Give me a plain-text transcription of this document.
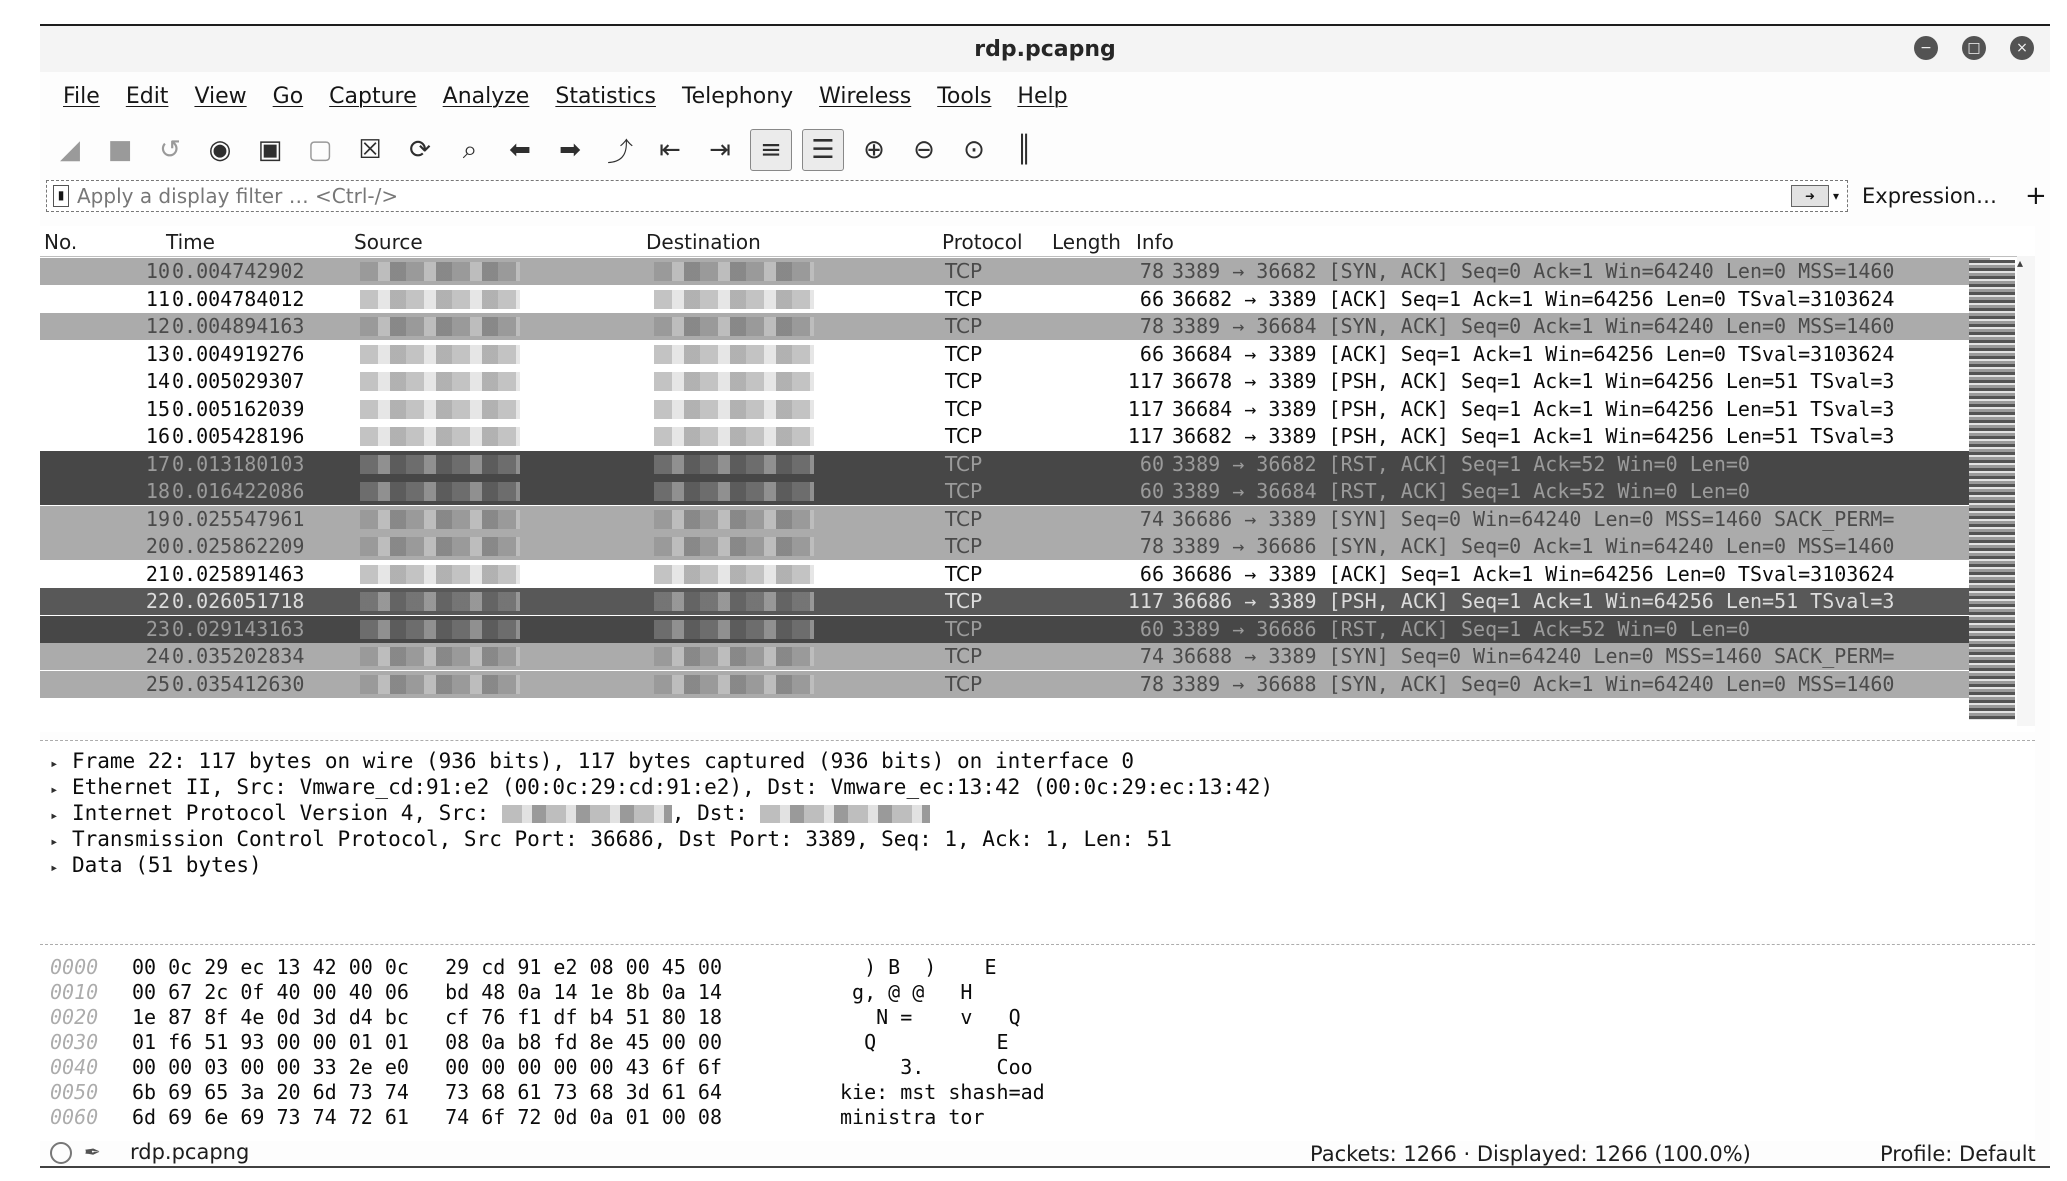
rdp.pcapng	−	□	×
File	Edit	View	Go	Capture	Analyze	Statistics	Telephony	Wireless	Tools	Help
◢	■	↺	◉	▣ ▢	☒	⟳	⌕	⬅	➡	⤴	⇤	⇥	≡	☰	⊕	⊖	⊙	║
▮
Apply a display filter … <Ctrl-/>	➜	▾ Expression… +
No.	Time	Source	Destination	Protocol Length Info
10 0.004742902	TCP	78 3389 → 36682 [SYN, ACK] Seq=0 Ack=1 Win=64240 Len=0 MSS=1460
11 0.004784012	TCP	66 36682 → 3389 [ACK] Seq=1 Ack=1 Win=64256 Len=0 TSval=3103624
12 0.004894163	TCP	78 3389 → 36684 [SYN, ACK] Seq=0 Ack=1 Win=64240 Len=0 MSS=1460
13 0.004919276	TCP	66 36684 → 3389 [ACK] Seq=1 Ack=1 Win=64256 Len=0 TSval=3103624
14 0.005029307	TCP	117 36678 → 3389 [PSH, ACK] Seq=1 Ack=1 Win=64256 Len=51 TSval=3
15 0.005162039	TCP	117 36684 → 3389 [PSH, ACK] Seq=1 Ack=1 Win=64256 Len=51 TSval=3
16 0.005428196	TCP	117 36682 → 3389 [PSH, ACK] Seq=1 Ack=1 Win=64256 Len=51 TSval=3
17 0.013180103	TCP	60 3389 → 36682 [RST, ACK] Seq=1 Ack=52 Win=0 Len=0
18 0.016422086	TCP	60 3389 → 36684 [RST, ACK] Seq=1 Ack=52 Win=0 Len=0
19 0.025547961	TCP	74 36686 → 3389 [SYN] Seq=0 Win=64240 Len=0 MSS=1460 SACK_PERM=
20 0.025862209	TCP	78 3389 → 36686 [SYN, ACK] Seq=0 Ack=1 Win=64240 Len=0 MSS=1460
21 0.025891463	TCP	66 36686 → 3389 [ACK] Seq=1 Ack=1 Win=64256 Len=0 TSval=3103624
22 0.026051718	TCP	117 36686 → 3389 [PSH, ACK] Seq=1 Ack=1 Win=64256 Len=51 TSval=3
23 0.029143163	TCP	60 3389 → 36686 [RST, ACK] Seq=1 Ack=52 Win=0 Len=0
24 0.035202834	TCP	74 36688 → 3389 [SYN] Seq=0 Win=64240 Len=0 MSS=1460 SACK_PERM=
25 0.035412630	TCP	78 3389 → 36688 [SYN, ACK] Seq=0 Ack=1 Win=64240 Len=0 MSS=1460
▴
▸ Frame 22: 117 bytes on wire (936 bits), 117 bytes captured (936 bits) on interface 0
▸ Ethernet II, Src: Vmware_cd:91:e2 (00:0c:29:cd:91:e2), Dst: Vmware_ec:13:42 (00:0c:29:ec:13:42)
▸ Internet Protocol Version 4, Src:	, Dst:
▸ Transmission Control Protocol, Src Port: 36686, Dst Port: 3389, Seq: 1, Ack: 1, Len: 51
▸ Data (51 bytes)
0000 00 0c 29 ec 13 42 00 0c   29 cd 91 e2 08 00 45 00	) B  )    E
0010 00 67 2c 0f 40 00 40 06   bd 48 0a 14 1e 8b 0a 14	g, @ @   H
0020 1e 87 8f 4e 0d 3d d4 bc   cf 76 f1 df b4 51 80 18	N =    v   Q
0030 01 f6 51 93 00 00 01 01   08 0a b8 fd 8e 45 00 00	Q          E
0040 00 00 03 00 00 33 2e e0   00 00 00 00 00 43 6f 6f	3.      Coo
0050 6b 69 65 3a 20 6d 73 74   73 68 61 73 68 3d 61 64	kie: mst shash=ad
0060 6d 69 6e 69 73 74 72 61   74 6f 72 0d 0a 01 00 08	ministra tor
✒ rdp.pcapng	Packets: 1266 · Displayed: 1266 (100.0%)	Profile: Default
